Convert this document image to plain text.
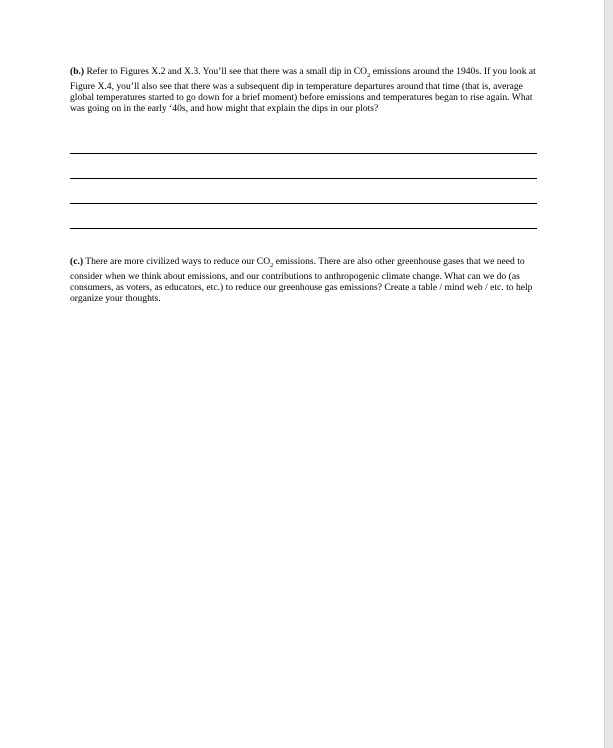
(b.) Refer to Figures X.2 and X.3. You’ll see that there was a small dip in $CO_2$ emissions around the 1940s. If you look at Figure X.4, you’ll also see that there was a subsequent dip in temperature departures around that time (that is, average global temperatures started to go down for a brief moment) before emissions and temperatures began to rise again. What was going on in the early ‘40s, and how might that explain the dips in our plots?

(c.) There are more civilized ways to reduce our $CO_2$ emissions. There are also other greenhouse gases that we need to consider when we think about emissions, and our contributions to anthropogenic climate change. What can we do (as consumers, as voters, as educators, etc.) to reduce our greenhouse gas emissions? Create a table / mind web / etc. to help organize your thoughts.
